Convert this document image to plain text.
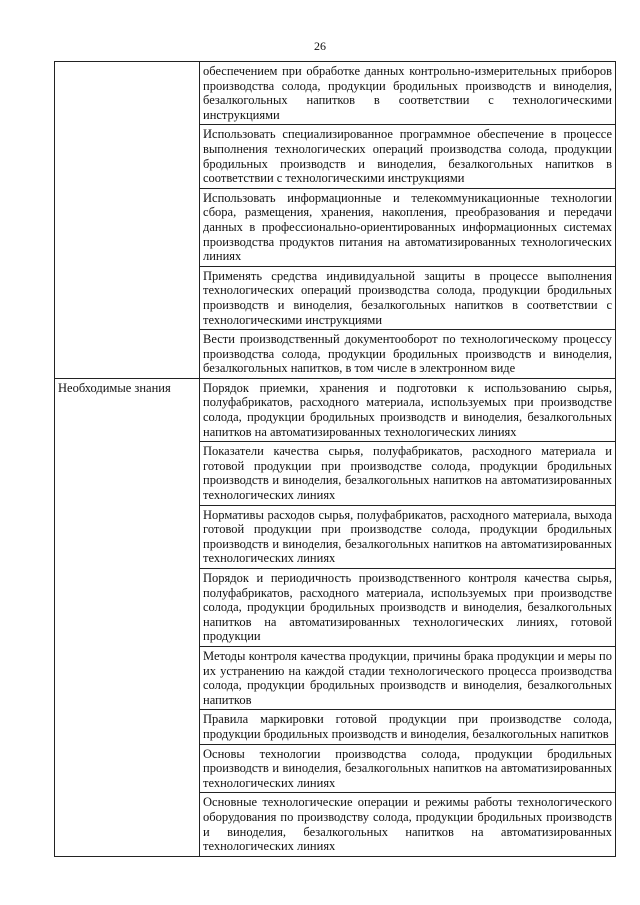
26
	обеспечением при обработке данных контрольно-измерительных приборов производства солода, продукции бродильных производств и виноделия, безалкогольных напитков в соответствии с технологическими инструкциями
	Использовать специализированное программное обеспечение в процессе выполнения технологических операций производства солода, продукции бродильных производств и виноделия, безалкогольных напитков в соответствии с технологическими инструкциями
	Использовать информационные и телекоммуникационные технологии сбора, размещения, хранения, накопления, преобразования и передачи данных в профессионально-ориентированных информационных системах производства продуктов питания на автоматизированных технологических линиях
	Применять средства индивидуальной защиты в процессе выполнения технологических операций производства солода, продукции бродильных производств и виноделия, безалкогольных напитков в соответствии с технологическими инструкциями
	Вести производственный документооборот по технологическому процессу производства солода, продукции бродильных производств и виноделия, безалкогольных напитков, в том числе в электронном виде
Необходимые знания	Порядок приемки, хранения и подготовки к использованию сырья, полуфабрикатов, расходного материала, используемых при производстве солода, продукции бродильных производств и виноделия, безалкогольных напитков на автоматизированных технологических линиях
	Показатели качества сырья, полуфабрикатов, расходного материала и готовой продукции при производстве солода, продукции бродильных производств и виноделия, безалкогольных напитков на автоматизированных технологических линиях
	Нормативы расходов сырья, полуфабрикатов, расходного материала, выхода готовой продукции при производстве солода, продукции бродильных производств и виноделия, безалкогольных напитков на автоматизированных технологических линиях
	Порядок и периодичность производственного контроля качества сырья, полуфабрикатов, расходного материала, используемых при производстве солода, продукции бродильных производств и виноделия, безалкогольных напитков на автоматизированных технологических линиях, готовой продукции
	Методы контроля качества продукции, причины брака продукции и меры по их устранению на каждой стадии технологического процесса производства солода, продукции бродильных производств и виноделия, безалкогольных напитков
	Правила маркировки готовой продукции при производстве солода, продукции бродильных производств и виноделия, безалкогольных напитков
	Основы технологии производства солода, продукции бродильных производств и виноделия, безалкогольных напитков на автоматизированных технологических линиях
	Основные технологические операции и режимы работы технологического оборудования по производству солода, продукции бродильных производств и виноделия, безалкогольных напитков на автоматизированных технологических линиях
